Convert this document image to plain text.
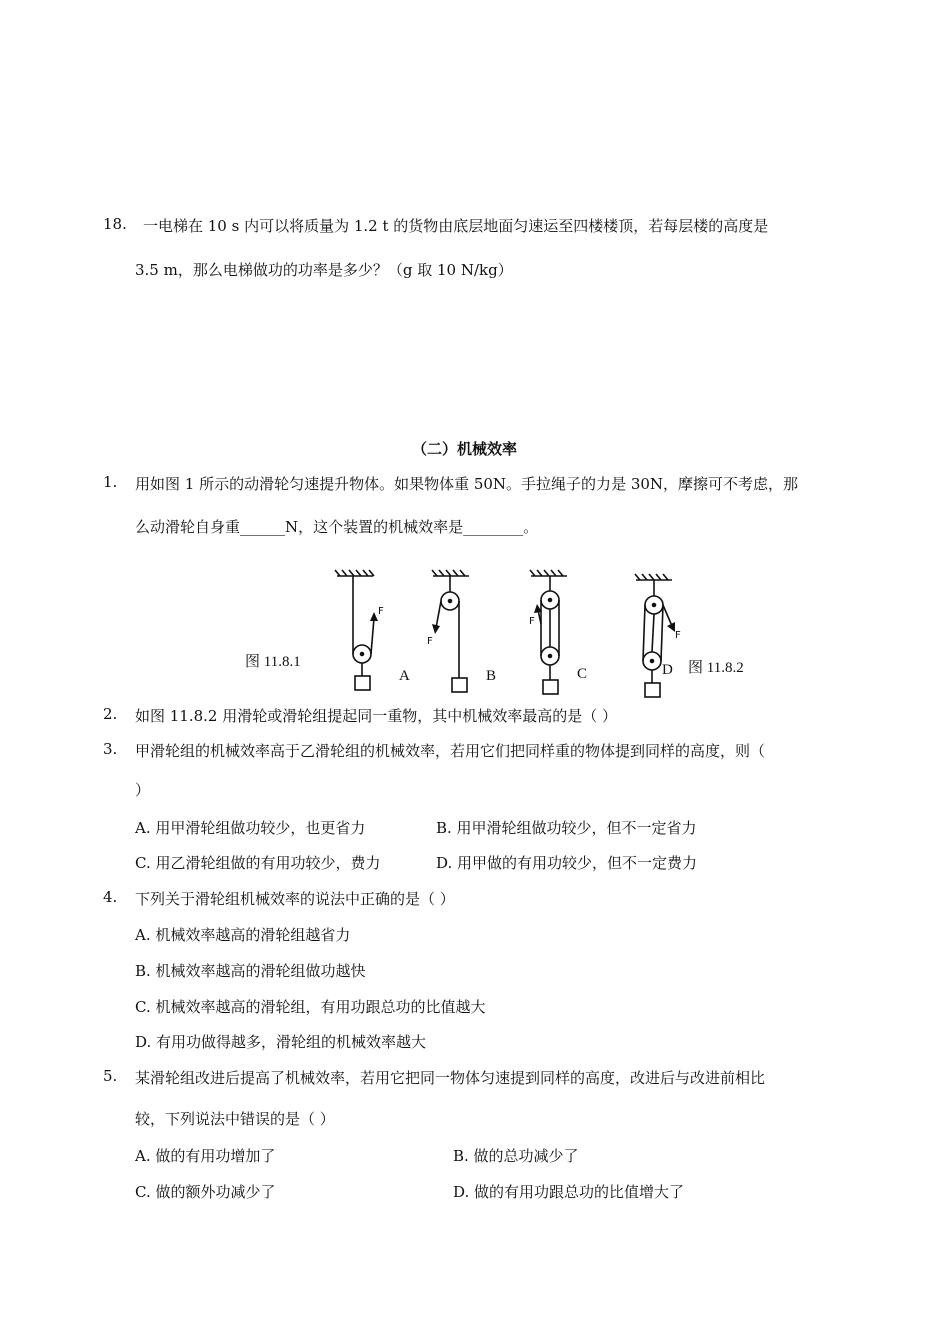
18. 一电梯在 10 s 内可以将质量为 1.2 t 的货物由底层地面匀速运至四楼楼顶，若每层楼的高度是
3.5 m，那么电梯做功的功率是多少？（g 取 10 N/kg）
（二）机械效率
1. 用如图 1 所示的动滑轮匀速提升物体。如果物体重 50N。手拉绳子的力是 30N，摩擦可不考虑，那
么动滑轮自身重______N，这个装置的机械效率是________。
图 11.8.1	图 11.8.2
A	B	C	D
F
F
F
F
2. 如图 11.8.2 用滑轮或滑轮组提起同一重物，其中机械效率最高的是（ ）
3. 甲滑轮组的机械效率高于乙滑轮组的机械效率，若用它们把同样重的物体提到同样的高度，则（
）
A. 用甲滑轮组做功较少，也更省力	B. 用甲滑轮组做功较少，但不一定省力
C. 用乙滑轮组做的有用功较少，费力	D. 用甲做的有用功较少，但不一定费力
4. 下列关于滑轮组机械效率的说法中正确的是（ ）
A. 机械效率越高的滑轮组越省力
B. 机械效率越高的滑轮组做功越快
C. 机械效率越高的滑轮组，有用功跟总功的比值越大
D. 有用功做得越多，滑轮组的机械效率越大
5. 某滑轮组改进后提高了机械效率，若用它把同一物体匀速提到同样的高度，改进后与改进前相比
较，下列说法中错误的是（ ）
A. 做的有用功增加了	B. 做的总功减少了
C. 做的额外功减少了	D. 做的有用功跟总功的比值增大了
